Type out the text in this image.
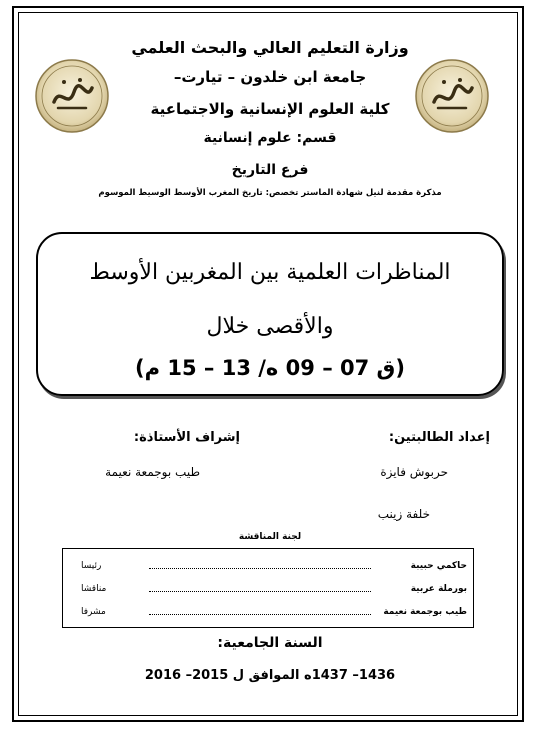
وزارة التعليم العالي والبحث العلمي
جامعة ابن خلدون – تيارت–
كلية العلوم الإنسانية والاجتماعية
قسم: علوم إنسانية
فرع التاريخ
مذكرة مقدمة لنيل شهادة الماستر تخصص: تاريخ المغرب الأوسط الوسيط الموسوم
المناظرات العلمية بين المغربين الأوسط
والأقصى خلال
(ق 07 – 09 ه/ 13 – 15 م)
إعداد الطالبتين:
إشراف الأستاذة:
حربوش فايزة
خلفة زينب
طيب بوجمعة نعيمة
لجنة المناقشة
حاكمي حبيبة
رئيسا
بورملة عربية
مناقشا
طيب بوجمعة نعيمة
مشرفا
السنة الجامعية:
1436– 1437ه الموافق ل 2015– 2016
